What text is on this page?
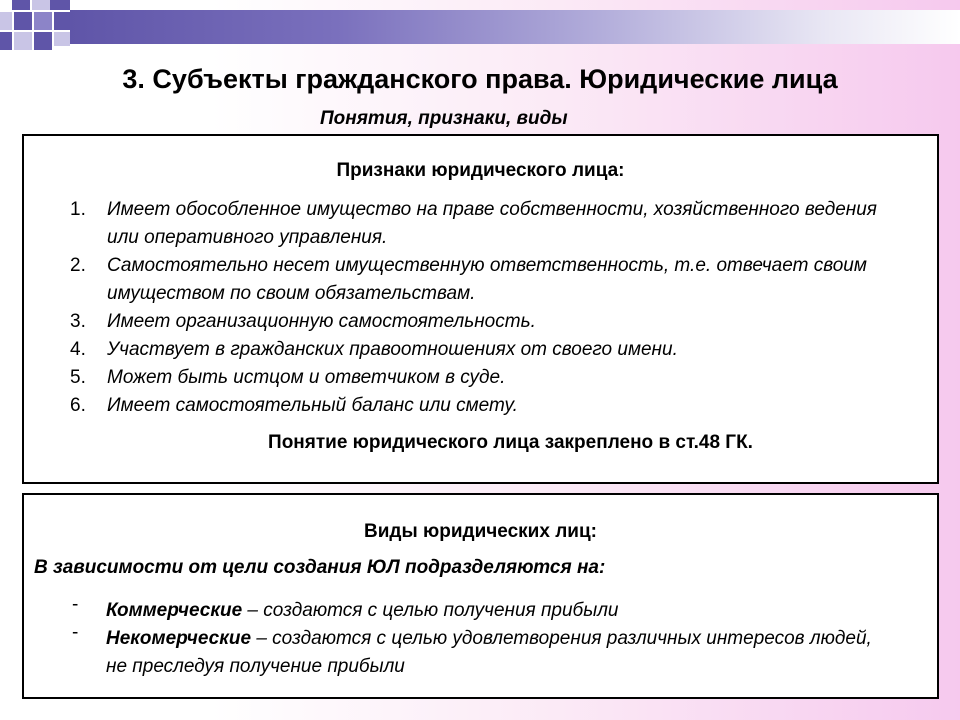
3. Субъекты гражданского права. Юридические лица

Понятия, признаки, виды

Признаки юридического лица:

1. Имеет обособленное имущество на праве собственности, хозяйственного ведения или оперативного управления.
2. Самостоятельно несет имущественную ответственность, т.е. отвечает своим имуществом по своим обязательствам.
3. Имеет организационную самостоятельность.
4. Участвует в гражданских правоотношениях от своего имени.
5. Может быть истцом и ответчиком в суде.
6. Имеет самостоятельный баланс или смету.

Понятие юридического лица закреплено в ст.48 ГК.

Виды юридических лиц:

В зависимости от цели создания ЮЛ подразделяются на:

- Коммерческие – создаются с целью получения прибыли
- Некомерческие – создаются с целью удовлетворения различных интересов людей, не преследуя получение прибыли
